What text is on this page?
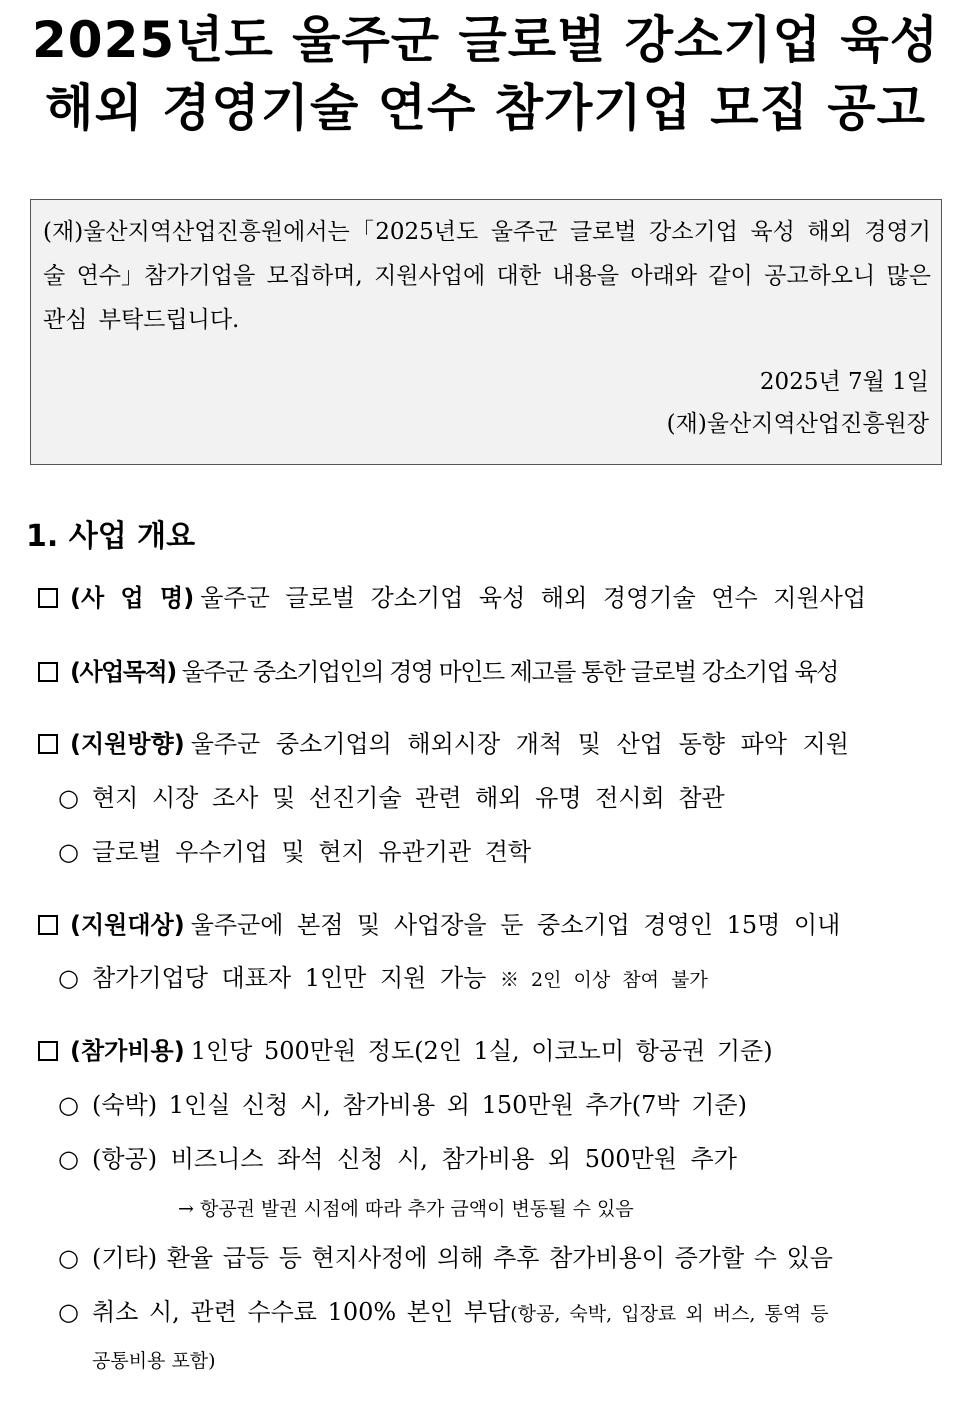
2025년도 울주군 글로벌 강소기업 육성
해외 경영기술 연수 참가기업 모집 공고
(재)울산지역산업진흥원에서는「2025년도 울주군 글로벌 강소기업 육성 해외 경영기술 연수」참가기업을 모집하며, 지원사업에 대한 내용을 아래와 같이 공고하오니 많은 관심 부탁드립니다.
2025년 7월 1일
(재)울산지역산업진흥원장
1. 사업 개요
(사 업 명) 울주군 글로벌 강소기업 육성 해외 경영기술 연수 지원사업
(사업목적) 울주군 중소기업인의 경영 마인드 제고를 통한 글로벌 강소기업 육성
(지원방향) 울주군 중소기업의 해외시장 개척 및 산업 동향 파악 지원
○ 현지 시장 조사 및 선진기술 관련 해외 유명 전시회 참관
○ 글로벌 우수기업 및 현지 유관기관 견학
(지원대상) 울주군에 본점 및 사업장을 둔 중소기업 경영인 15명 이내
○ 참가기업당 대표자 1인만 지원 가능 ※ 2인 이상 참여 불가
(참가비용) 1인당 500만원 정도(2인 1실, 이코노미 항공권 기준)
○ (숙박) 1인실 신청 시, 참가비용 외 150만원 추가(7박 기준)
○ (항공) 비즈니스 좌석 신청 시, 참가비용 외 500만원 추가
→ 항공권 발권 시점에 따라 추가 금액이 변동될 수 있음
○ (기타) 환율 급등 등 현지사정에 의해 추후 참가비용이 증가할 수 있음
○ 취소 시, 관련 수수료 100% 본인 부담(항공, 숙박, 입장료 외 버스, 통역 등
공통비용 포함)
